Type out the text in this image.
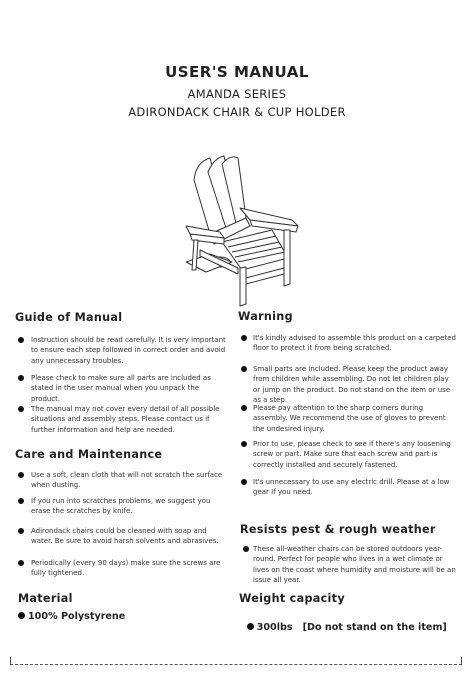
USER'S MANUAL
AMANDA SERIES
ADIRONDACK CHAIR & CUP HOLDER
Guide of Manual
Instruction should be read carefully. It is very important to ensure each step followed in correct order and avoid any unnecessary troubles.
Please check to make sure all parts are included as stated in the user manual when you unpack the product.
The manual may not cover every detail of all possible situations and assembly steps. Please contact us if further information and help are needed.
Care and Maintenance
Use a soft, clean cloth that will not scratch the surface when dusting.
If you run into scratches problems, we suggest you erase the scratches by knife.
Adirondack chairs could be cleaned with soap and water. Be sure to avoid harsh solvents and abrasives.
Periodically (every 90 days) make sure the screws are fully tightened.
Warning
It's kindly advised to assemble this product on a carpeted floor to protect it from being scratched.
Small parts are included. Please keep the product away from children while assembling. Do not let children play or jump on the product. Do not stand on the item or use as a step.
Please pay attention to the sharp corners during assembly. We recommend the use of gloves to prevent the undesired injury.
Prior to use, please check to see if there's any loosening screw or part. Make sure that each screw and part is correctly installed and securely fastened.
It's unnecessary to use any electric drill. Please at a low gear If you need.
Resists pest & rough weather
These all-weather chairs can be stored outdoors year-round. Perfect for people who lives in a wet climate or lives on the coast where humidity and moisture will be an issue all year.
Material
100% Polystyrene
Weight capacity

300lbs   [Do not stand on the item]
